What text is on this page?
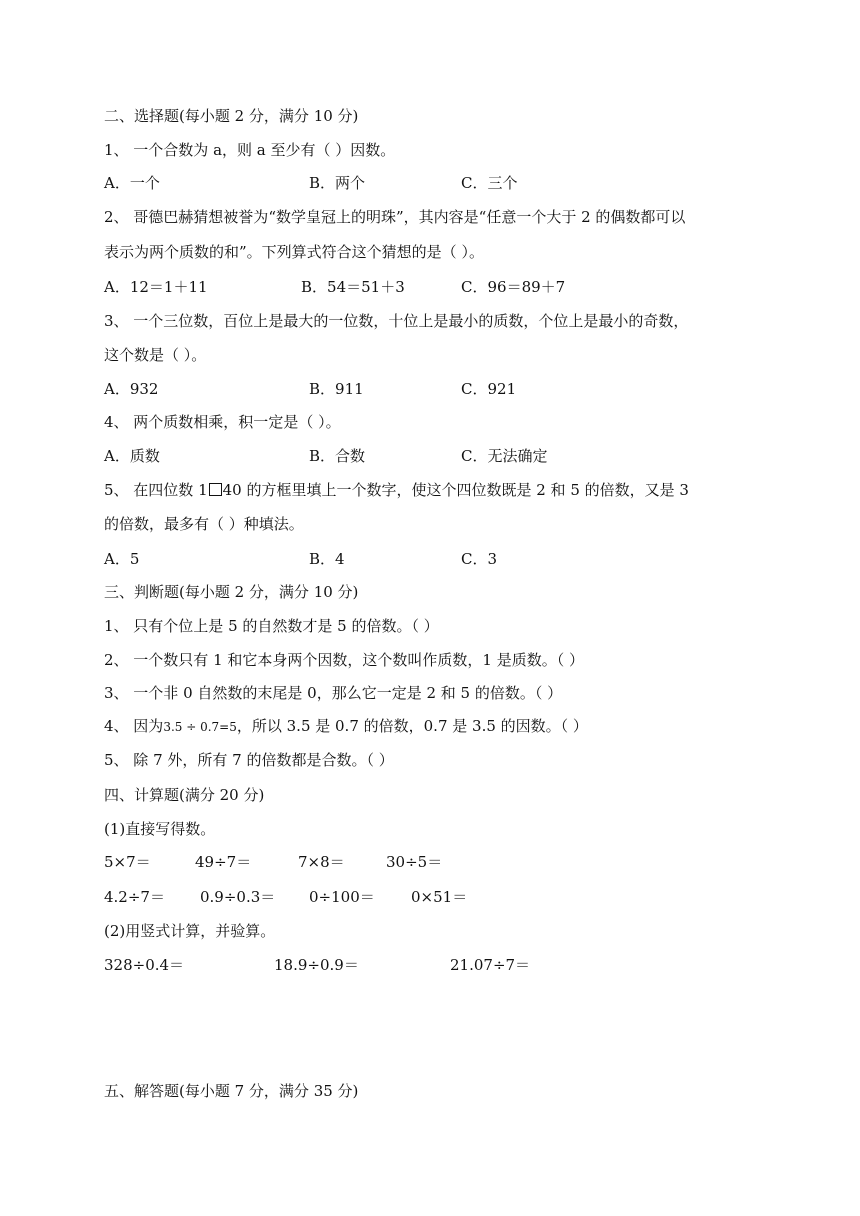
二、选择题(每小题 2 分，满分 10 分)
1、 一个合数为 a，则 a 至少有（ ）因数。
A．一个	B．两个	C．三个
2、 哥德巴赫猜想被誉为“数学皇冠上的明珠”，其内容是“任意一个大于 2 的偶数都可以
表示为两个质数的和”。下列算式符合这个猜想的是（ ）。
A．12＝1＋11	B．54＝51＋3	C．96＝89＋7
3、 一个三位数，百位上是最大的一位数，十位上是最小的质数，个位上是最小的奇数，
这个数是（ ）。
A．932	B．911	C．921
4、 两个质数相乘，积一定是（ ）。
A．质数	B．合数	C．无法确定
5、 在四位数 1 40 的方框里填上一个数字，使这个四位数既是 2 和 5 的倍数，又是 3
的倍数，最多有（ ）种填法。
A．5	B．4	C．3
三、判断题(每小题 2 分，满分 10 分)
1、 只有个位上是 5 的自然数才是 5 的倍数。（ ）
2、 一个数只有 1 和它本身两个因数，这个数叫作质数，1 是质数。（ ）
3、 一个非 0 自然数的末尾是 0，那么它一定是 2 和 5 的倍数。（ ）
4、 因为3.5 ÷ 0.7=5，所以 3.5 是 0.7 的倍数，0.7 是 3.5 的因数。（ ）
5、 除 7 外，所有 7 的倍数都是合数。（ ）
四、计算题(满分 20 分)
(1)直接写得数。
5×7＝	49÷7＝	7×8＝	30÷5＝
4.2÷7＝ 0.9÷0.3＝ 0÷100＝ 0×51＝
(2)用竖式计算，并验算。
328÷0.4＝	18.9÷0.9＝	21.07÷7＝
五、解答题(每小题 7 分，满分 35 分)
